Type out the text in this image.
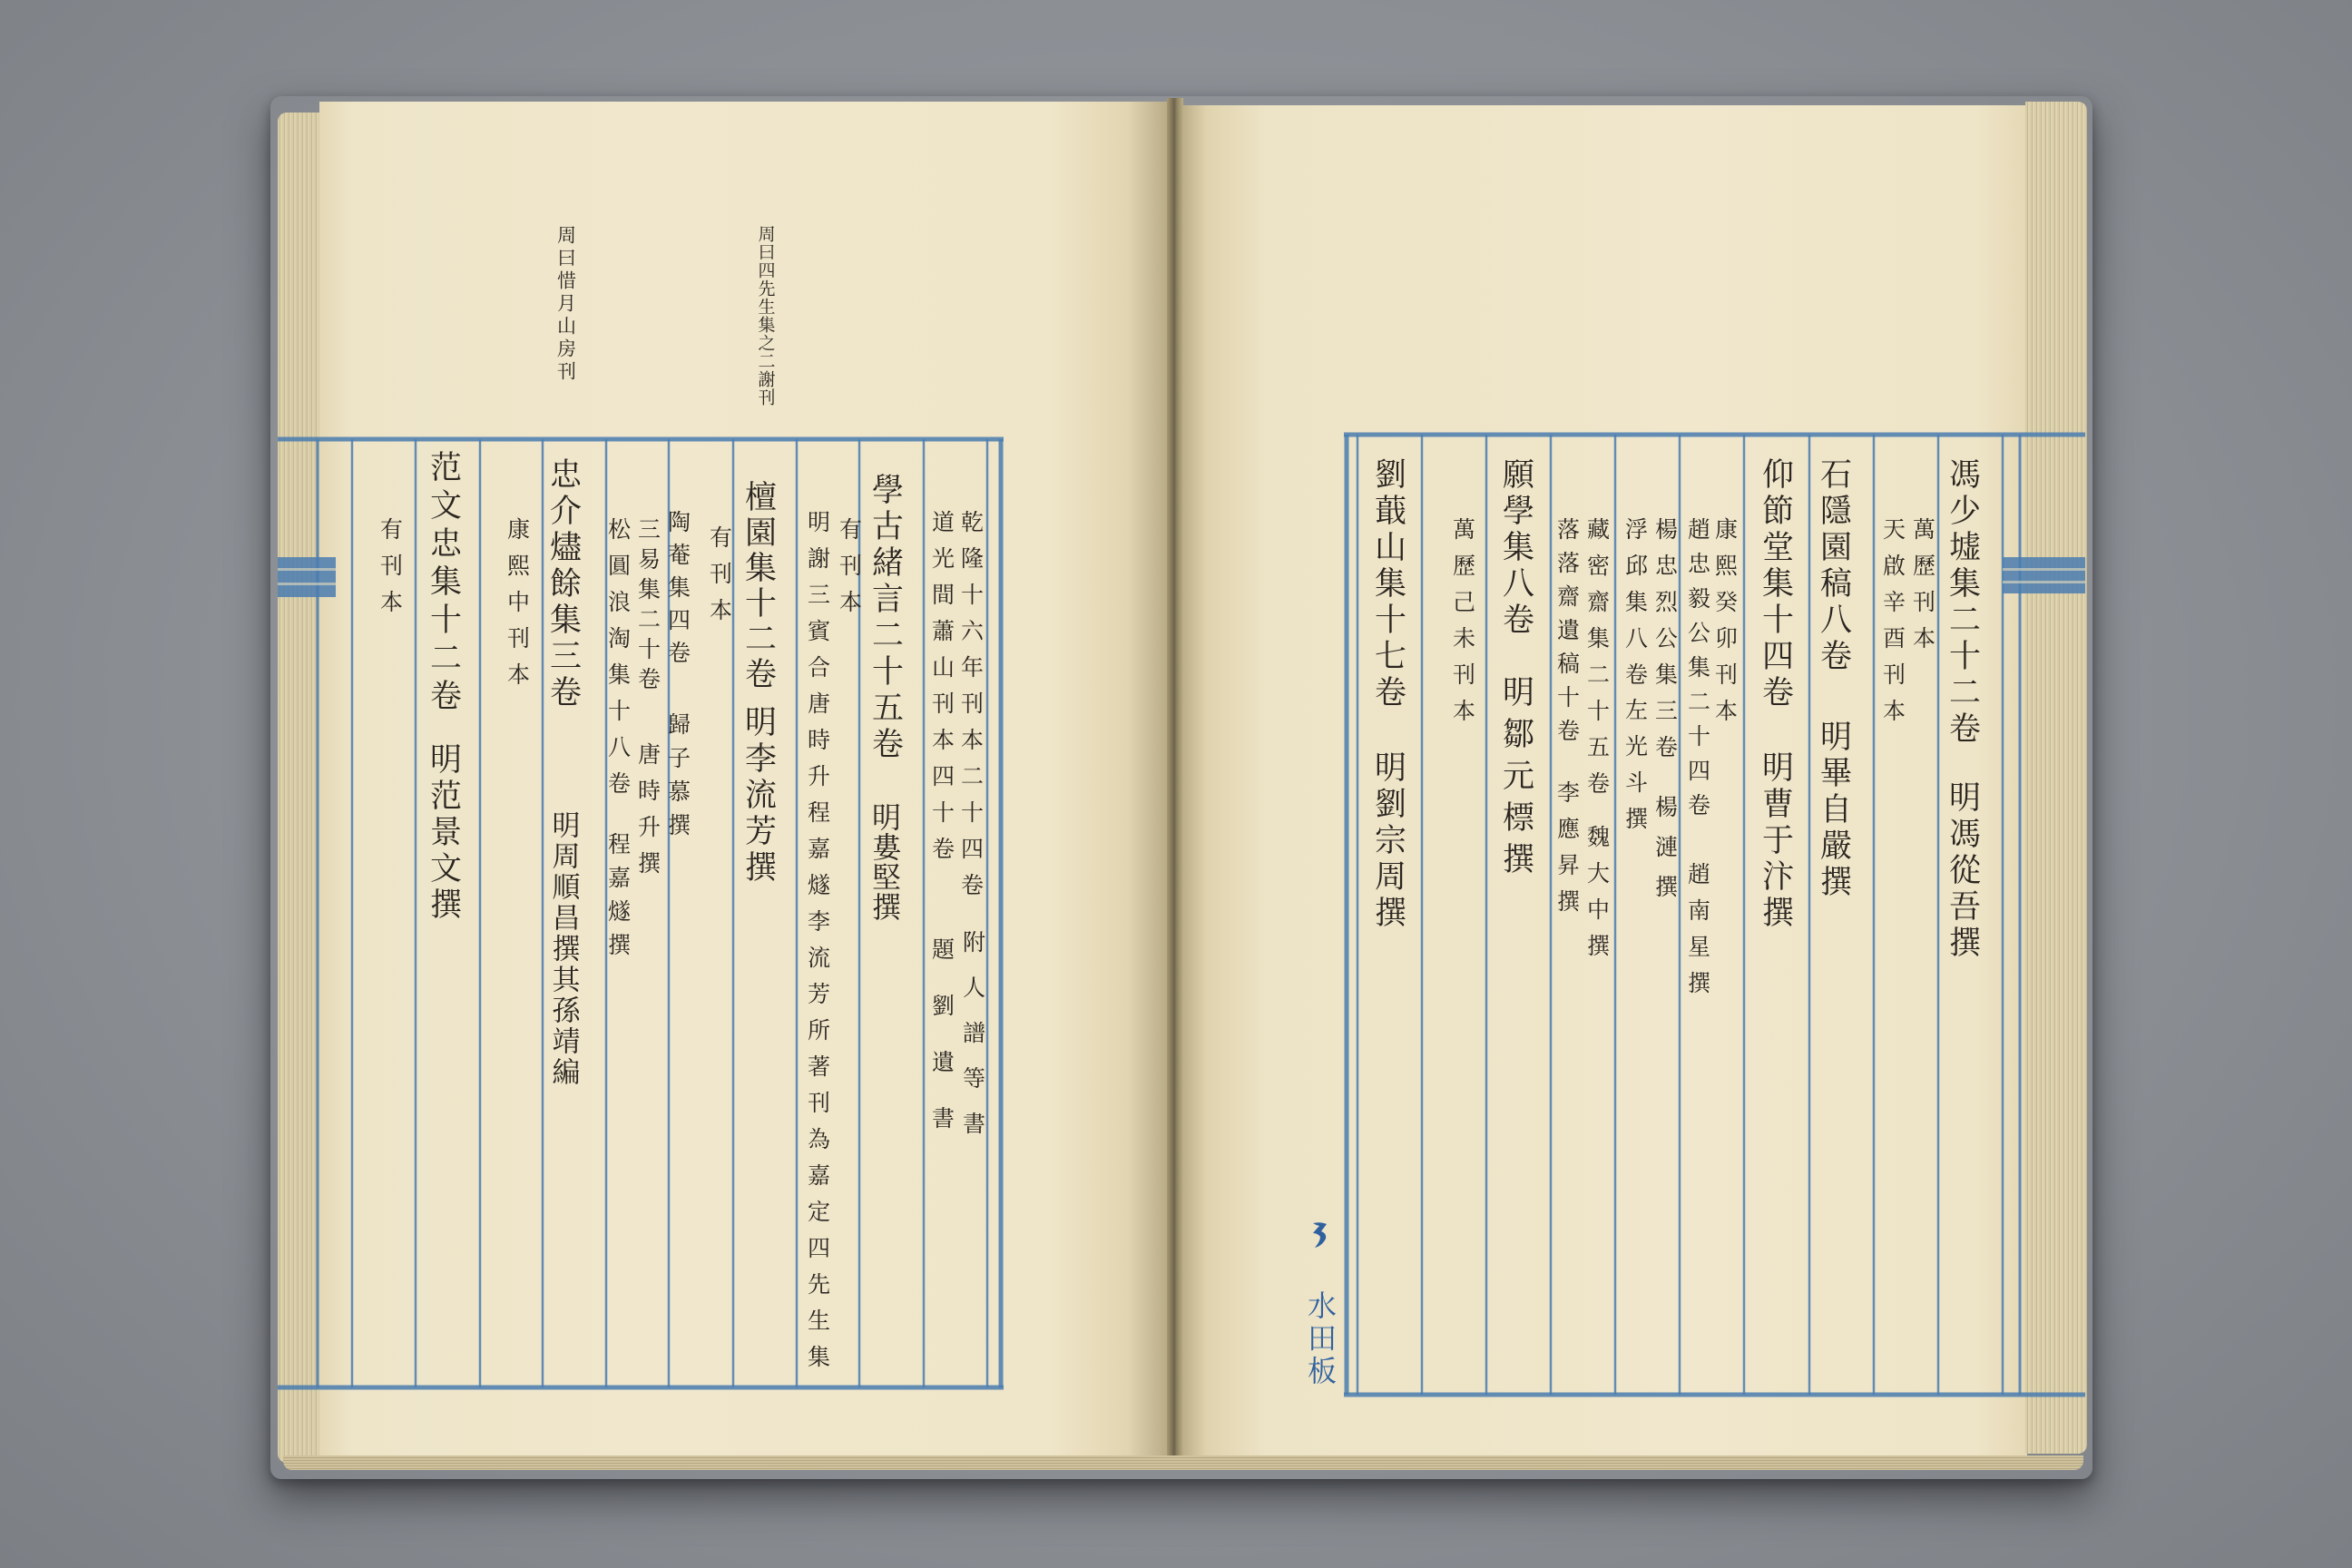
周曰四先生集之二謝刊
周曰惜月山房刊
乾隆十六年刊本二十四卷
附人譜等書
道光間蕭山刊本四十卷
題劉遺書
學古緒言二十五卷
明婁堅撰
有刊本
明謝三賓合唐時升程嘉燧李流芳所著刊為嘉定四先生集
檀園集十二卷
明李流芳撰
有刊本
陶菴集四卷
歸子慕撰
三易集二十卷
唐時升撰
松圓浪淘集十八卷
程嘉燧撰
忠介燼餘集三卷
明周順昌撰其孫靖編
康熙中刊本
范文忠集十二卷
明范景文撰
有刊本	馮少墟集二十二卷
明馮從吾撰
萬歷刊本
天啟辛酉刊本
石隱園稿八卷
明畢自嚴撰
仰節堂集十四卷
明曹于汴撰
康熙癸卯刊本
趙忠毅公集二十四卷
趙南星撰
楊忠烈公集三卷
楊漣撰
浮邱集八卷
左光斗撰
藏密齋集二十五卷
魏大中撰
落落齋遺稿十卷
李應昇撰
願學集八卷
明鄒元標撰
萬歷己未刊本
劉蕺山集十七卷
明劉宗周撰
水田板
